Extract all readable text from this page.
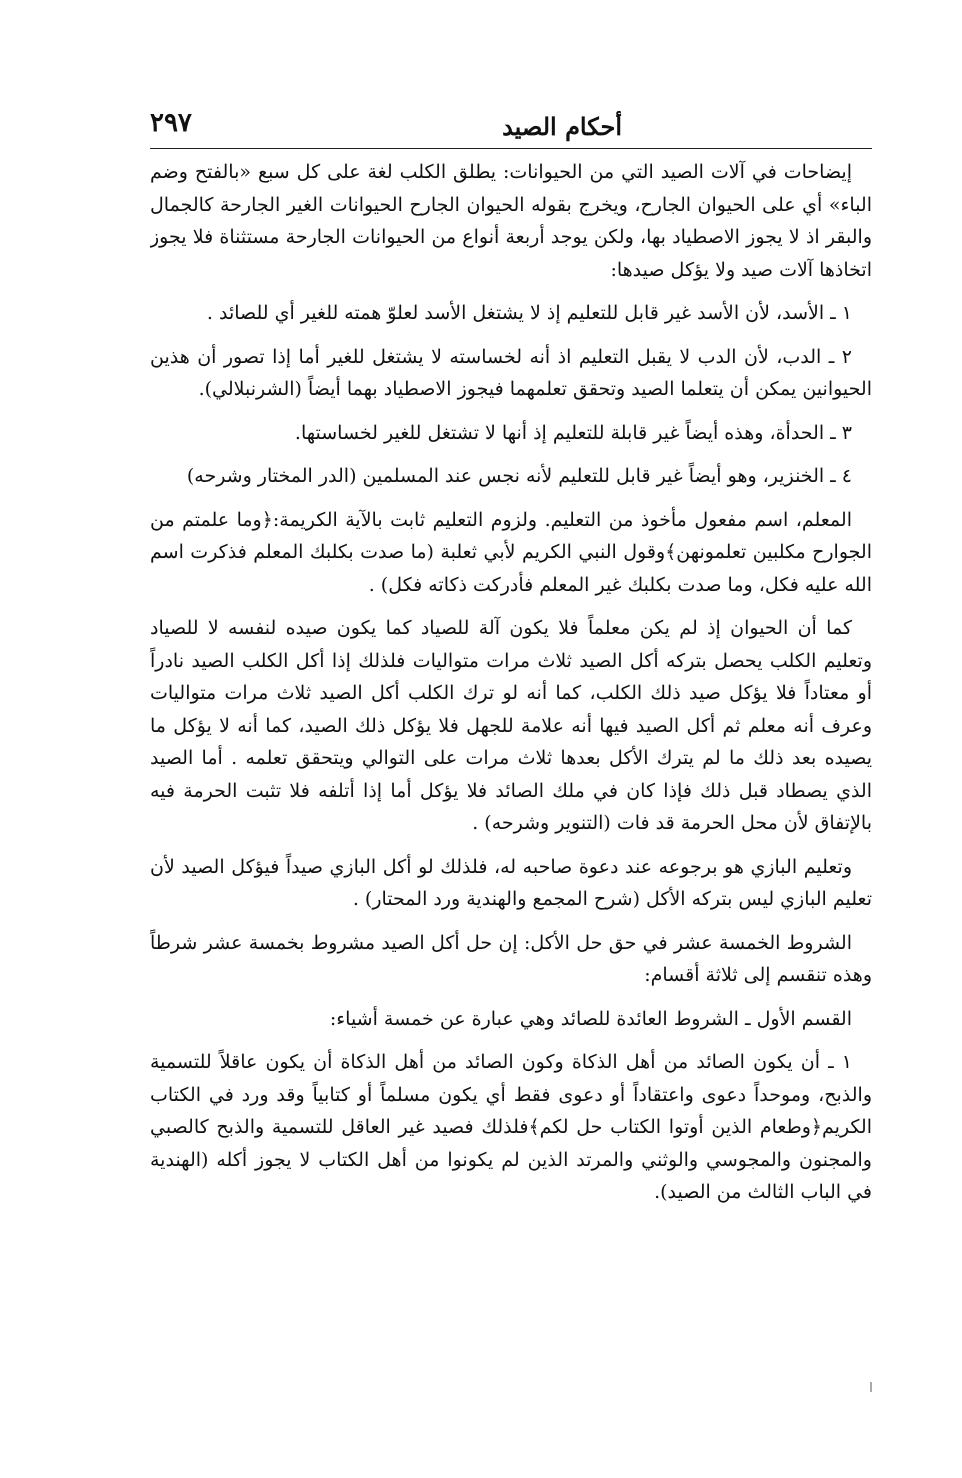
أحكام الصيد
٢٩٧

إيضاحات في آلات الصيد التي من الحيوانات: يطلق الكلب لغة على كل سبع «بالفتح وضم الباء» أي على الحيوان الجارح، ويخرج بقوله الحيوان الجارح الحيوانات الغير الجارحة كالجمال والبقر اذ لا يجوز الاصطياد بها، ولكن يوجد أربعة أنواع من الحيوانات الجارحة مستثناة فلا يجوز اتخاذها آلات صيد ولا يؤكل صيدها:

١ ـ الأسد، لأن الأسد غير قابل للتعليم إذ لا يشتغل الأسد لعلوّ همته للغير أي للصائد .

٢ ـ الدب، لأن الدب لا يقبل التعليم اذ أنه لخساسته لا يشتغل للغير أما إذا تصور أن هذين الحيوانين يمكن أن يتعلما الصيد وتحقق تعلمهما فيجوز الاصطياد بهما أيضاً (الشرنبلالي).

٣ ـ الحدأة، وهذه أيضاً غير قابلة للتعليم إذ أنها لا تشتغل للغير لخساستها.

٤ ـ الخنزير، وهو أيضاً غير قابل للتعليم لأنه نجس عند المسلمين (الدر المختار وشرحه)

المعلم، اسم مفعول مأخوذ من التعليم. ولزوم التعليم ثابت بالآية الكريمة:﴿وما علمتم من الجوارح مكلبين تعلمونهن﴾وقول النبي الكريم لأبي ثعلبة (ما صدت بكلبك المعلم فذكرت اسم الله عليه فكل، وما صدت بكلبك غير المعلم فأدركت ذكاته فكل) .

كما أن الحيوان إذ لم يكن معلماً فلا يكون آلة للصياد كما يكون صيده لنفسه لا للصياد وتعليم الكلب يحصل بتركه أكل الصيد ثلاث مرات متواليات فلذلك إذا أكل الكلب الصيد نادراً أو معتاداً فلا يؤكل صيد ذلك الكلب، كما أنه لو ترك الكلب أكل الصيد ثلاث مرات متواليات وعرف أنه معلم ثم أكل الصيد فيها أنه علامة للجهل فلا يؤكل ذلك الصيد، كما أنه لا يؤكل ما يصيده بعد ذلك ما لم يترك الأكل بعدها ثلاث مرات على التوالي ويتحقق تعلمه . أما الصيد الذي يصطاد قبل ذلك فإذا كان في ملك الصائد فلا يؤكل أما إذا أتلفه فلا تثبت الحرمة فيه بالإتفاق لأن محل الحرمة قد فات (التنوير وشرحه) .

وتعليم البازي هو برجوعه عند دعوة صاحبه له، فلذلك لو أكل البازي صيداً فيؤكل الصيد لأن تعليم البازي ليس بتركه الأكل (شرح المجمع والهندية ورد المحتار) .

الشروط الخمسة عشر في حق حل الأكل: إن حل أكل الصيد مشروط بخمسة عشر شرطاً وهذه تنقسم إلى ثلاثة أقسام:

القسم الأول ـ الشروط العائدة للصائد وهي عبارة عن خمسة أشياء:

١ ـ أن يكون الصائد من أهل الذكاة وكون الصائد من أهل الذكاة أن يكون عاقلاً للتسمية والذبح، وموحداً دعوى واعتقاداً أو دعوى فقط أي يكون مسلماً أو كتابياً وقد ورد في الكتاب الكريم﴿وطعام الذين أوتوا الكتاب حل لكم﴾فلذلك فصيد غير العاقل للتسمية والذبح كالصبي والمجنون والمجوسي والوثني والمرتد الذين لم يكونوا من أهل الكتاب لا يجوز أكله (الهندية في الباب الثالث من الصيد).
